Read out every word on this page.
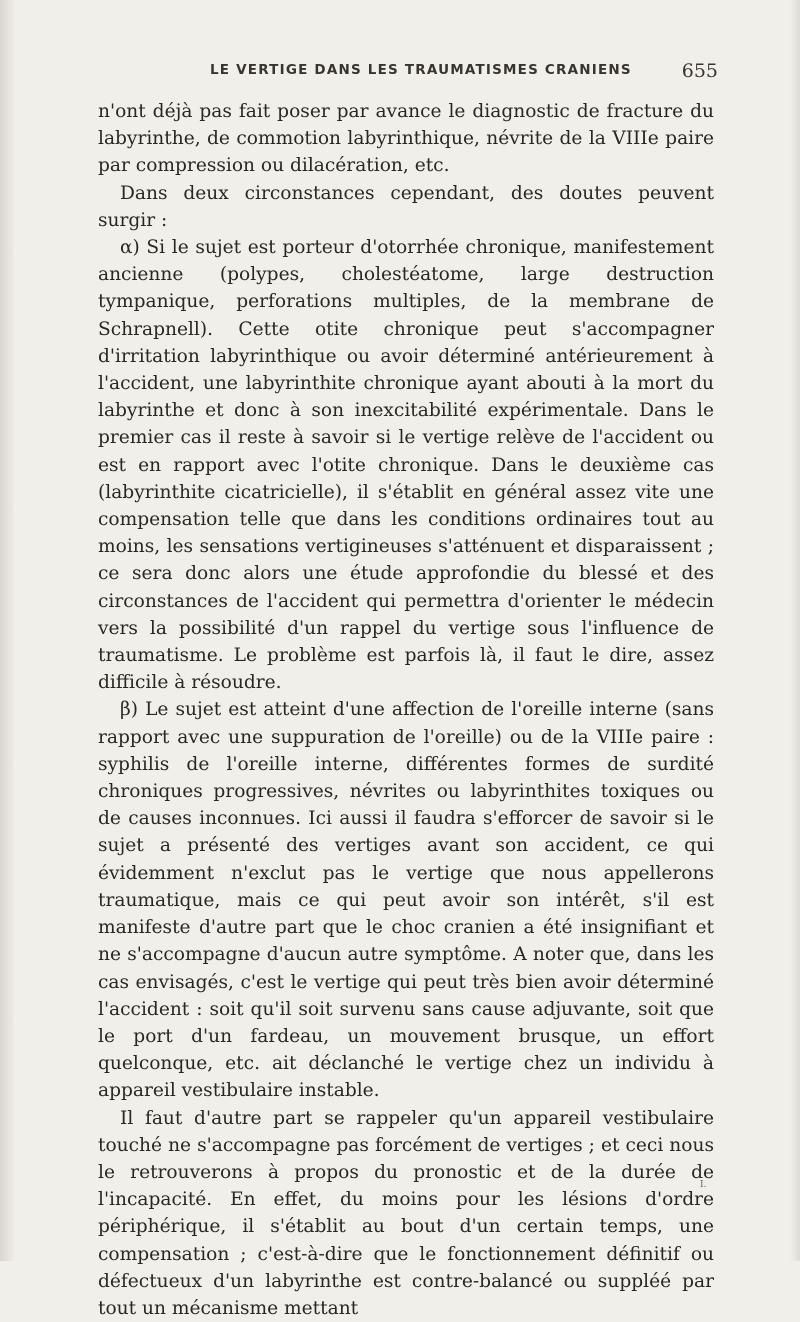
LE VERTIGE DANS LES TRAUMATISMES CRANIENS	655

n'ont déjà pas fait poser par avance le diagnostic de fracture du labyrinthe, de commotion labyrinthique, névrite de la VIIIe paire par compression ou dilacération, etc.

Dans deux circonstances cependant, des doutes peuvent surgir :

α) Si le sujet est porteur d'otorrhée chronique, manifestement ancienne (polypes, cholestéatome, large destruction tympanique, perforations multiples, de la membrane de Schrapnell). Cette otite chronique peut s'accompagner d'irritation labyrinthique ou avoir déterminé antérieurement à l'accident, une labyrinthite chronique ayant abouti à la mort du labyrinthe et donc à son inexcitabilité expérimentale. Dans le premier cas il reste à savoir si le vertige relève de l'accident ou est en rapport avec l'otite chronique. Dans le deuxième cas (labyrinthite cicatricielle), il s'établit en général assez vite une compensation telle que dans les conditions ordinaires tout au moins, les sensations vertigineuses s'atténuent et disparaissent ; ce sera donc alors une étude approfondie du blessé et des circonstances de l'accident qui permettra d'orienter le médecin vers la possibilité d'un rappel du vertige sous l'influence de traumatisme. Le problème est parfois là, il faut le dire, assez difficile à résoudre.

β) Le sujet est atteint d'une affection de l'oreille interne (sans rapport avec une suppuration de l'oreille) ou de la VIIIe paire : syphilis de l'oreille interne, différentes formes de surdité chroniques progressives, névrites ou labyrinthites toxiques ou de causes inconnues. Ici aussi il faudra s'efforcer de savoir si le sujet a présenté des vertiges avant son accident, ce qui évidemment n'exclut pas le vertige que nous appellerons traumatique, mais ce qui peut avoir son intérêt, s'il est manifeste d'autre part que le choc cranien a été insignifiant et ne s'accompagne d'aucun autre symptôme. A noter que, dans les cas envisagés, c'est le vertige qui peut très bien avoir déterminé l'accident : soit qu'il soit survenu sans cause adjuvante, soit que le port d'un fardeau, un mouvement brusque, un effort quelconque, etc. ait déclanché le vertige chez un individu à appareil vestibulaire instable.

Il faut d'autre part se rappeler qu'un appareil vestibulaire touché ne s'accompagne pas forcément de vertiges ; et ceci nous le retrouverons à propos du pronostic et de la durée de l'incapacité. En effet, du moins pour les lésions d'ordre périphérique, il s'établit au bout d'un certain temps, une compensation ; c'est-à-dire que le fonctionnement définitif ou défectueux d'un labyrinthe est contre-balancé ou suppléé par tout un mécanisme mettant

I.
